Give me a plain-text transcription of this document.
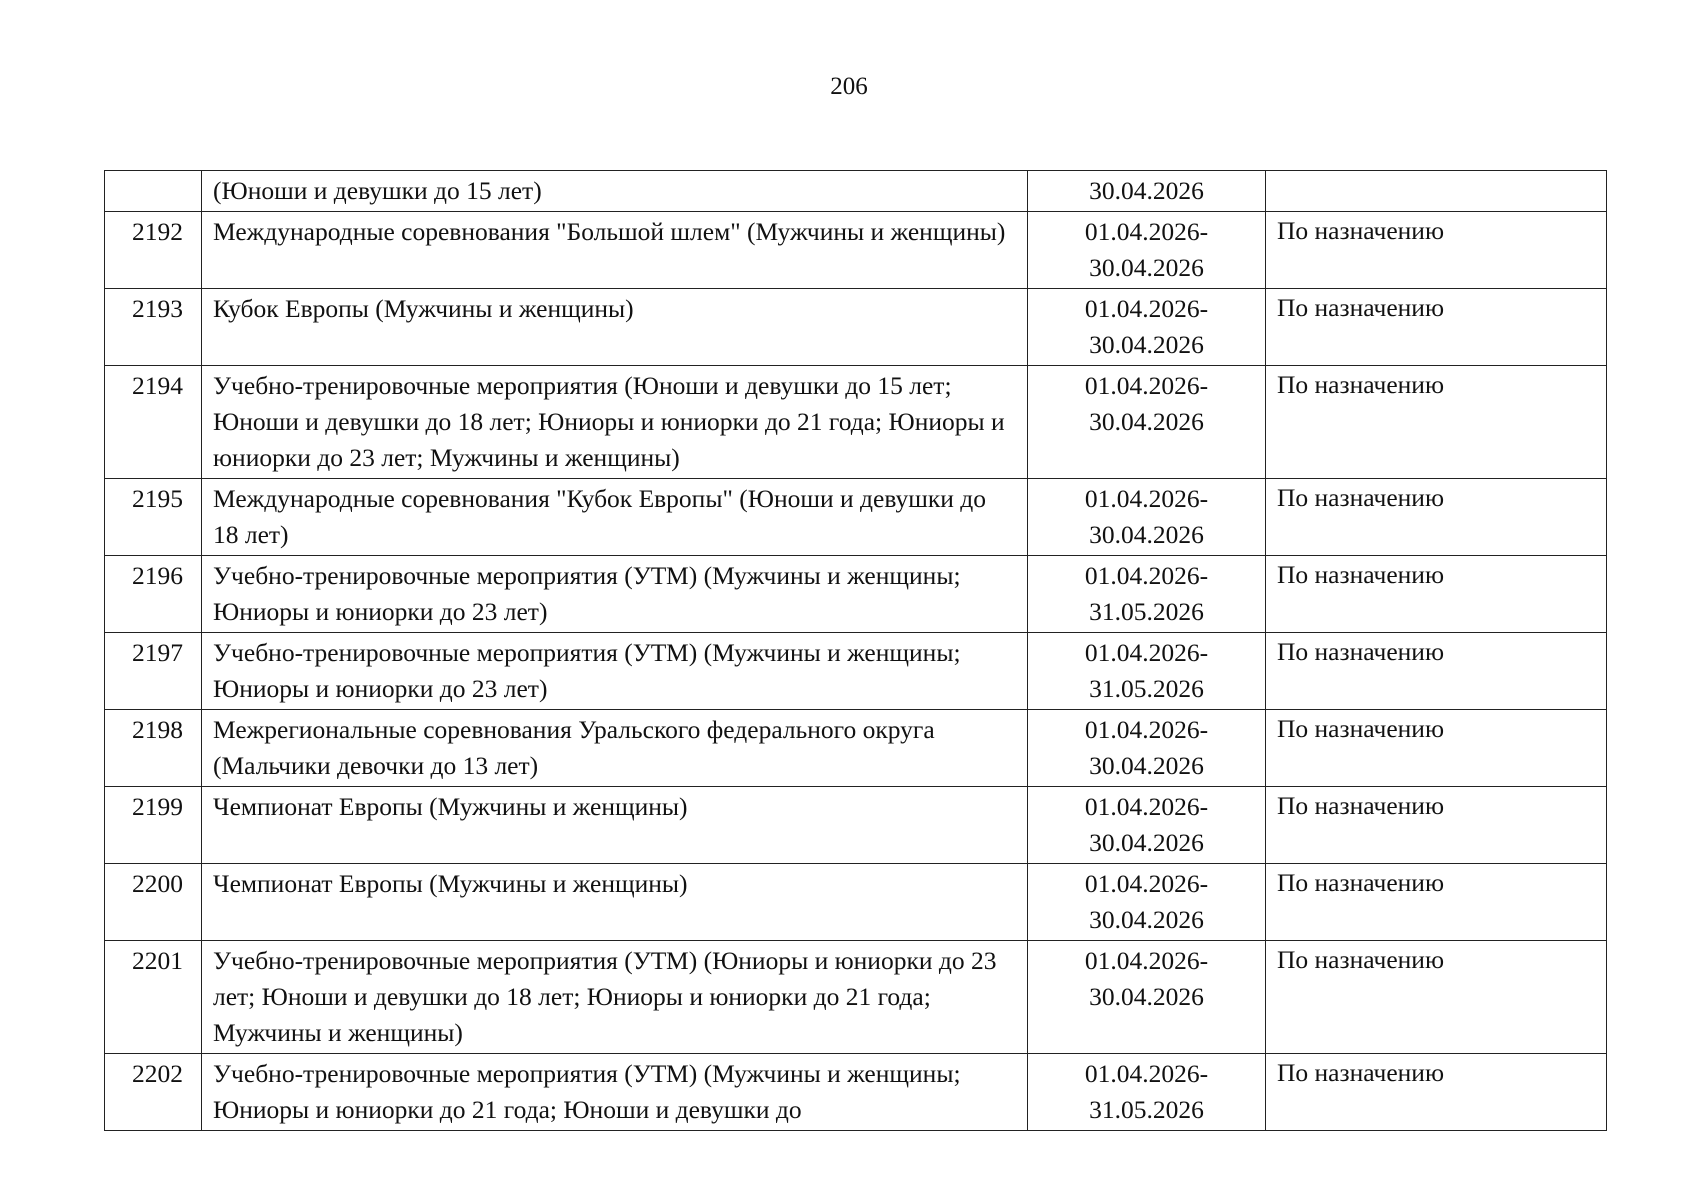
206
	(Юноши и девушки до 15 лет)	30.04.2026	

2192	Международные соревнования "Большой шлем" (Мужчины и женщины)	01.04.2026-
30.04.2026	По назначению
2193	Кубок Европы (Мужчины и женщины)	01.04.2026-
30.04.2026	По назначению
2194	Учебно-тренировочные мероприятия (Юноши и девушки до 15 лет; Юноши и девушки до 18 лет; Юниоры и юниорки до 21 года; Юниоры и юниорки до 23 лет; Мужчины и женщины)	01.04.2026-
30.04.2026	По назначению
2195	Международные соревнования "Кубок Европы" (Юноши и девушки до 18 лет)	01.04.2026-
30.04.2026	По назначению
2196	Учебно-тренировочные мероприятия (УТМ) (Мужчины и женщины; Юниоры и юниорки до 23 лет)	01.04.2026-
31.05.2026	По назначению
2197	Учебно-тренировочные мероприятия (УТМ) (Мужчины и женщины; Юниоры и юниорки до 23 лет)	01.04.2026-
31.05.2026	По назначению
2198	Межрегиональные соревнования Уральского федерального округа (Мальчики девочки до 13 лет)	01.04.2026-
30.04.2026	По назначению
2199	Чемпионат Европы (Мужчины и женщины)	01.04.2026-
30.04.2026	По назначению
2200	Чемпионат Европы (Мужчины и женщины)	01.04.2026-
30.04.2026	По назначению
2201	Учебно-тренировочные мероприятия (УТМ) (Юниоры и юниорки до 23 лет; Юноши и девушки до 18 лет; Юниоры и юниорки до 21 года; Мужчины и женщины)	01.04.2026-
30.04.2026	По назначению
2202	Учебно-тренировочные мероприятия (УТМ) (Мужчины и женщины; Юниоры и юниорки до 21 года; Юноши и девушки до	01.04.2026-
31.05.2026	По назначению
